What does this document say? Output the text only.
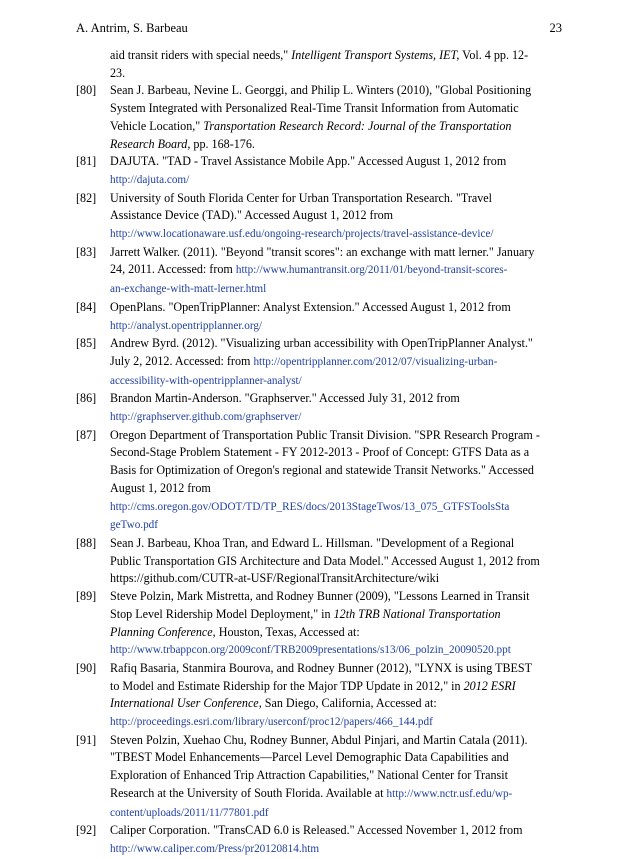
A. Antrim, S. Barbeau	23
aid transit riders with special needs," Intelligent Transport Systems, IET, Vol. 4 pp. 12-
23.
[80]	Sean J. Barbeau, Nevine L. Georggi, and Philip L. Winters (2010), "Global Positioning
System Integrated with Personalized Real-Time Transit Information from Automatic
Vehicle Location," Transportation Research Record: Journal of the Transportation
Research Board, pp. 168-176.
[81]	DAJUTA. "TAD - Travel Assistance Mobile App." Accessed August 1, 2012 from
http://dajuta.com/
[82]	University of South Florida Center for Urban Transportation Research. "Travel
Assistance Device (TAD)." Accessed August 1, 2012 from
http://www.locationaware.usf.edu/ongoing-research/projects/travel-assistance-device/
[83]	Jarrett Walker. (2011). "Beyond "transit scores": an exchange with matt lerner." January
24, 2011. Accessed: from http://www.humantransit.org/2011/01/beyond-transit-scores-
an-exchange-with-matt-lerner.html
[84]	OpenPlans. "OpenTripPlanner: Analyst Extension." Accessed August 1, 2012 from
http://analyst.opentripplanner.org/
[85]	Andrew Byrd. (2012). "Visualizing urban accessibility with OpenTripPlanner Analyst."
July 2, 2012. Accessed: from http://opentripplanner.com/2012/07/visualizing-urban-
accessibility-with-opentripplanner-analyst/
[86]	Brandon Martin-Anderson. "Graphserver." Accessed July 31, 2012 from
http://graphserver.github.com/graphserver/
[87]	Oregon Department of Transportation Public Transit Division. "SPR Research Program -
Second-Stage Problem Statement - FY 2012-2013 - Proof of Concept: GTFS Data as a
Basis for Optimization of Oregon's regional and statewide Transit Networks." Accessed
August 1, 2012 from
http://cms.oregon.gov/ODOT/TD/TP_RES/docs/2013StageTwos/13_075_GTFSToolsSta
geTwo.pdf
[88]	Sean J. Barbeau, Khoa Tran, and Edward L. Hillsman. "Development of a Regional
Public Transportation GIS Architecture and Data Model." Accessed August 1, 2012 from
https://github.com/CUTR-at-USF/RegionalTransitArchitecture/wiki
[89]	Steve Polzin, Mark Mistretta, and Rodney Bunner (2009), "Lessons Learned in Transit
Stop Level Ridership Model Deployment," in 12th TRB National Transportation
Planning Conference, Houston, Texas, Accessed at:
http://www.trbappcon.org/2009conf/TRB2009presentations/s13/06_polzin_20090520.ppt
[90]	Rafiq Basaria, Stanmira Bourova, and Rodney Bunner (2012), "LYNX is using TBEST
to Model and Estimate Ridership for the Major TDP Update in 2012," in 2012 ESRI
International User Conference, San Diego, California, Accessed at:
http://proceedings.esri.com/library/userconf/proc12/papers/466_144.pdf
[91]	Steven Polzin, Xuehao Chu, Rodney Bunner, Abdul Pinjari, and Martin Catala (2011).
"TBEST Model Enhancements—Parcel Level Demographic Data Capabilities and
Exploration of Enhanced Trip Attraction Capabilities," National Center for Transit
Research at the University of South Florida. Available at http://www.nctr.usf.edu/wp-
content/uploads/2011/11/77801.pdf
[92]	Caliper Corporation. "TransCAD 6.0 is Released." Accessed November 1, 2012 from
http://www.caliper.com/Press/pr20120814.htm
